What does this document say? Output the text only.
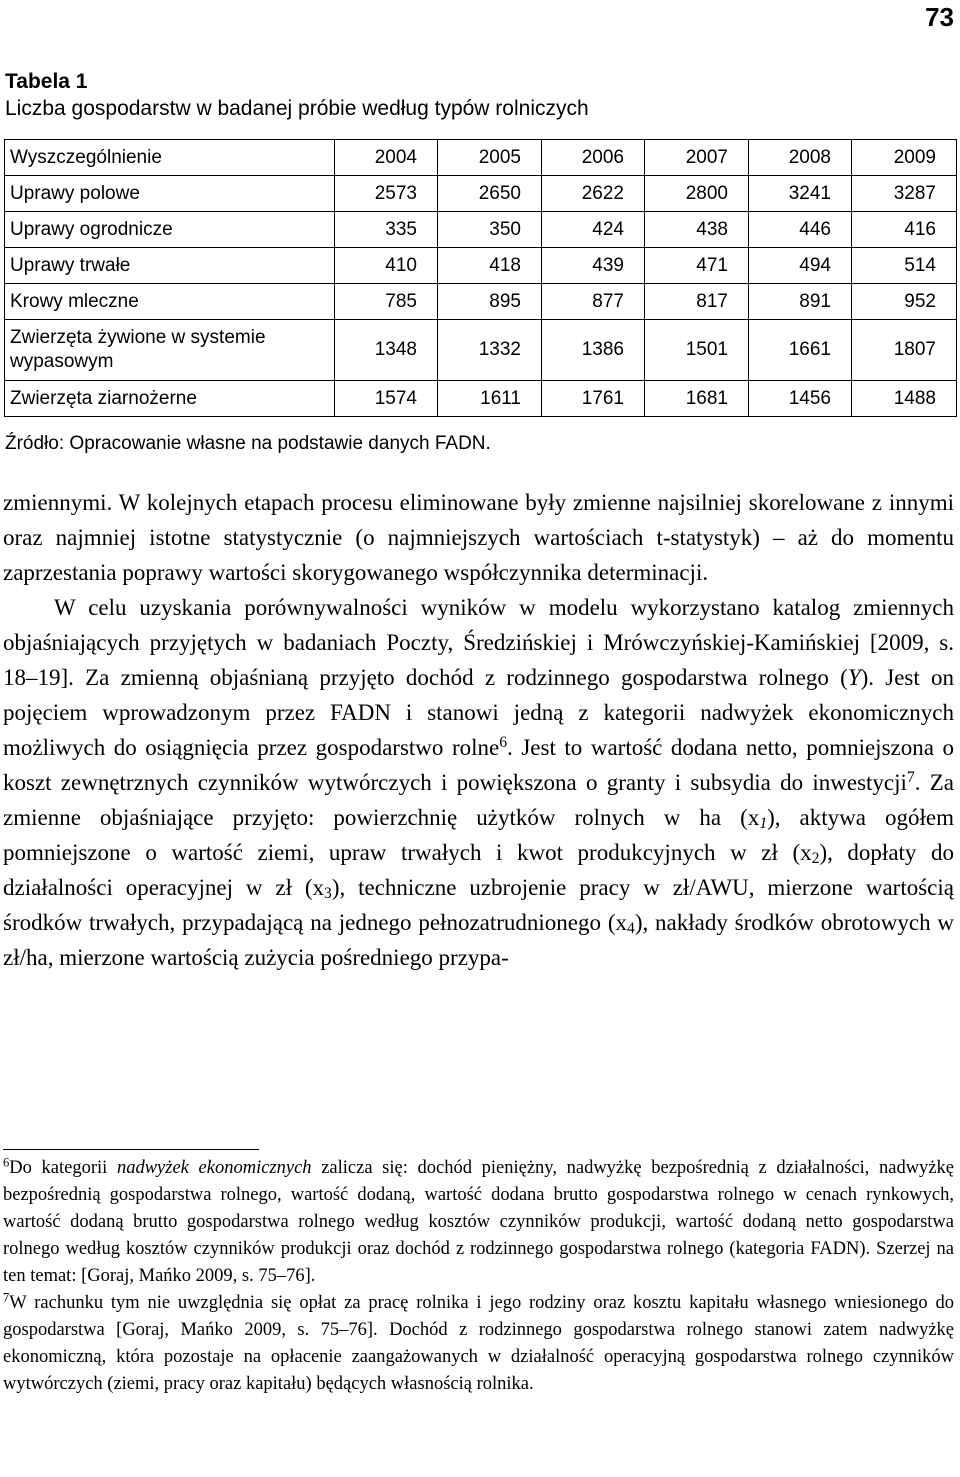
73
Tabela 1
Liczba gospodarstw w badanej próbie według typów rolniczych
Wyszczególnienie	2004	2005	2006	2007	2008	2009
Uprawy polowe	2573	2650	2622	2800	3241	3287
Uprawy ogrodnicze	335	350	424	438	446	416
Uprawy trwałe	410	418	439	471	494	514
Krowy mleczne	785	895	877	817	891	952
Zwierzęta żywione w systemie wypasowym	1348	1332	1386	1501	1661	1807
Zwierzęta ziarnożerne	1574	1611	1761	1681	1456	1488
Źródło: Opracowanie własne na podstawie danych FADN.

zmiennymi. W kolejnych etapach procesu eliminowane były zmienne najsilniej skorelowane z innymi oraz najmniej istotne statystycznie (o najmniejszych wartościach t-statystyk) – aż do momentu zaprzestania poprawy wartości skorygowanego współczynnika determinacji.

W celu uzyskania porównywalności wyników w modelu wykorzystano katalog zmiennych objaśniających przyjętych w badaniach Poczty, Średzińskiej i Mrówczyńskiej-Kamińskiej [2009, s. 18–19]. Za zmienną objaśnianą przyjęto dochód z rodzinnego gospodarstwa rolnego (Y). Jest on pojęciem wprowadzonym przez FADN i stanowi jedną z kategorii nadwyżek ekonomicznych możliwych do osiągnięcia przez gospodarstwo rolne$^6$. Jest to wartość dodana netto, pomniejszona o koszt zewnętrznych czynników wytwórczych i powiększona o granty i subsydia do inwestycji$^7$. Za zmienne objaśniające przyjęto: powierzchnię użytków rolnych w ha $(x_1)$, aktywa ogółem pomniejszone o wartość ziemi, upraw trwałych i kwot produkcyjnych w zł $(x_2)$, dopłaty do działalności operacyjnej w zł $(x_3)$, techniczne uzbrojenie pracy w zł/AWU, mierzone wartością środków trwałych, przypadającą na jednego pełnozatrudnionego $(x_4)$, nakłady środków obrotowych w zł/ha, mierzone wartością zużycia pośredniego przypa-

$^6$Do kategorii nadwyżek ekonomicznych zalicza się: dochód pieniężny, nadwyżkę bezpośrednią z działalności, nadwyżkę bezpośrednią gospodarstwa rolnego, wartość dodaną, wartość dodana brutto gospodarstwa rolnego w cenach rynkowych, wartość dodaną brutto gospodarstwa rolnego według kosztów czynników produkcji, wartość dodaną netto gospodarstwa rolnego według kosztów czynników produkcji oraz dochód z rodzinnego gospodarstwa rolnego (kategoria FADN). Szerzej na ten temat: [Goraj, Mańko 2009, s. 75–76].

$^7$W rachunku tym nie uwzględnia się opłat za pracę rolnika i jego rodziny oraz kosztu kapitału własnego wniesionego do gospodarstwa [Goraj, Mańko 2009, s. 75–76]. Dochód z rodzinnego gospodarstwa rolnego stanowi zatem nadwyżkę ekonomiczną, która pozostaje na opłacenie zaangażowanych w działalność operacyjną gospodarstwa rolnego czynników wytwórczych (ziemi, pracy oraz kapitału) będących własnością rolnika.
